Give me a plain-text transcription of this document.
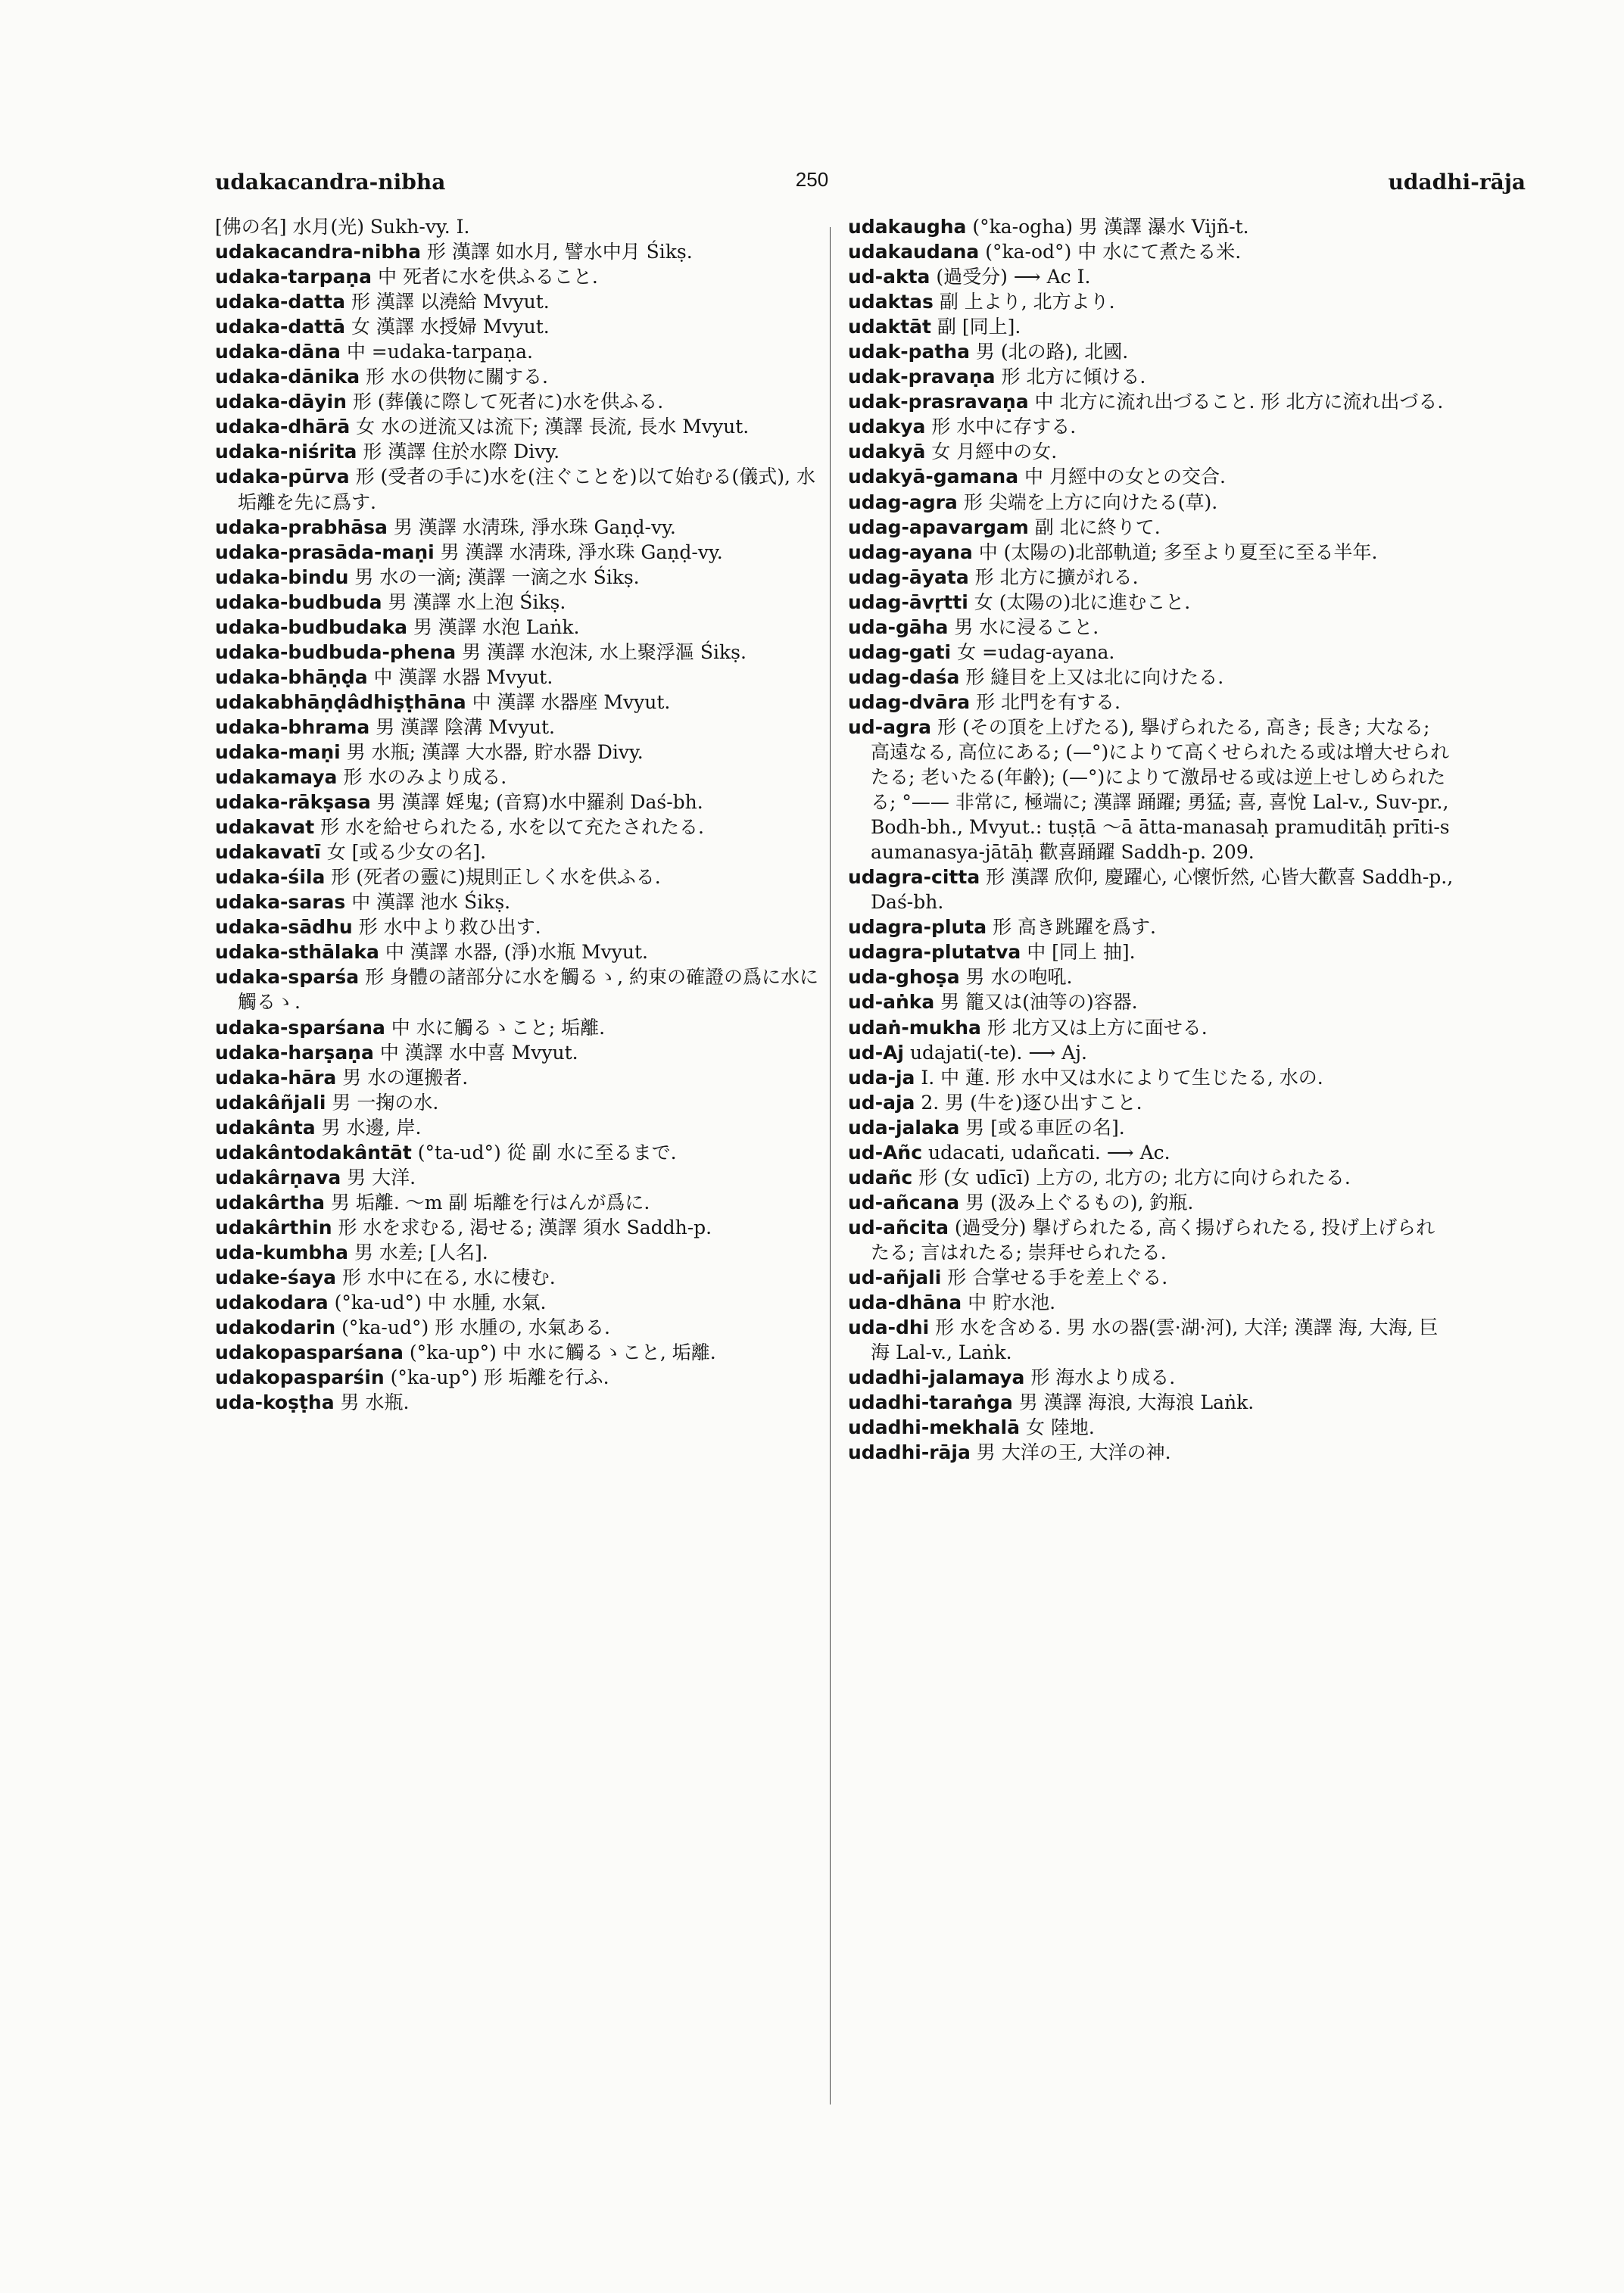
udakacandra-nibha	250	udadhi-rāja
[佛の名] 水月(光) Sukh-vy. I.
udakacandra-nibha 形 漢譯 如水月, 譬水中月 Śikṣ.
udaka-tarpaṇa 中 死者に水を供ふること.
udaka-datta 形 漢譯 以澆給 Mvyut.
udaka-dattā 女 漢譯 水授婦 Mvyut.
udaka-dāna 中 =udaka-tarpaṇa.
udaka-dānika 形 水の供物に關する.
udaka-dāyin 形 (葬儀に際して死者に)水を供ふる.
udaka-dhārā 女 水の迸流又は流下; 漢譯 長流, 長水 Mvyut.
udaka-niśrita 形 漢譯 住於水際 Divy.
udaka-pūrva 形 (受者の手に)水を(注ぐことを)以て始むる(儀式), 水垢離を先に爲す.
udaka-prabhāsa 男 漢譯 水淸珠, 淨水珠 Gaṇḍ-vy.
udaka-prasāda-maṇi 男 漢譯 水淸珠, 淨水珠 Gaṇḍ-vy.
udaka-bindu 男 水の一滴; 漢譯 一滴之水 Śikṣ.
udaka-budbuda 男 漢譯 水上泡 Śikṣ.
udaka-budbudaka 男 漢譯 水泡 Laṅk.
udaka-budbuda-phena 男 漢譯 水泡沫, 水上聚浮漚 Śikṣ.
udaka-bhāṇḍa 中 漢譯 水器 Mvyut.
udakabhāṇḍâdhiṣṭhāna 中 漢譯 水器座 Mvyut.
udaka-bhrama 男 漢譯 陰溝 Mvyut.
udaka-maṇi 男 水瓶; 漢譯 大水器, 貯水器 Divy.
udakamaya 形 水のみより成る.
udaka-rākṣasa 男 漢譯 婬鬼; (音寫)水中羅刹 Daś-bh.
udakavat 形 水を給せられたる, 水を以て充たされたる.
udakavatī 女 [或る少女の名].
udaka-śila 形 (死者の靈に)規則正しく水を供ふる.
udaka-saras 中 漢譯 池水 Śikṣ.
udaka-sādhu 形 水中より救ひ出す.
udaka-sthālaka 中 漢譯 水器, (淨)水瓶 Mvyut.
udaka-sparśa 形 身體の諸部分に水を觸るゝ, 約束の確證の爲に水に觸るゝ.
udaka-sparśana 中 水に觸るゝこと; 垢離.
udaka-harṣaṇa 中 漢譯 水中喜 Mvyut.
udaka-hāra 男 水の運搬者.
udakâñjali 男 一掬の水.
udakânta 男 水邊, 岸.
udakântodakântāt (°ta-ud°) 從 副 水に至るまで.
udakârṇava 男 大洋.
udakârtha 男 垢離. ～m 副 垢離を行はんが爲に.
udakârthin 形 水を求むる, 渇せる; 漢譯 須水 Saddh-p.
uda-kumbha 男 水差; [人名].
udake-śaya 形 水中に在る, 水に棲む.
udakodara (°ka-ud°) 中 水腫, 水氣.
udakodarin (°ka-ud°) 形 水腫の, 水氣ある.
udakopasparśana (°ka-up°) 中 水に觸るゝこと, 垢離.
udakopasparśin (°ka-up°) 形 垢離を行ふ.
uda-koṣṭha 男 水瓶.
udakaugha (°ka-ogha) 男 漢譯 瀑水 Vijñ-t.
udakaudana (°ka-od°) 中 水にて煮たる米.
ud-akta (過受分) ⟶ Ac I.
udaktas 副 上より, 北方より.
udaktāt 副 [同上].
udak-patha 男 (北の路), 北國.
udak-pravaṇa 形 北方に傾ける.
udak-prasravaṇa 中 北方に流れ出づること. 形 北方に流れ出づる.
udakya 形 水中に存する.
udakyā 女 月經中の女.
udakyā-gamana 中 月經中の女との交合.
udag-agra 形 尖端を上方に向けたる(草).
udag-apavargam 副 北に終りて.
udag-ayana 中 (太陽の)北部軌道; 多至より夏至に至る半年.
udag-āyata 形 北方に擴がれる.
udag-āvṛtti 女 (太陽の)北に進むこと.
uda-gāha 男 水に浸ること.
udag-gati 女 =udag-ayana.
udag-daśa 形 縫目を上又は北に向けたる.
udag-dvāra 形 北門を有する.
ud-agra 形 (その頂を上げたる), 擧げられたる, 高き; 長き; 大なる; 高遠なる, 高位にある; (—°)によりて高くせられたる或は增大せられたる; 老いたる(年齢); (—°)によりて激昂せる或は逆上せしめられたる; °—— 非常に, 極端に; 漢譯 踊躍; 勇猛; 喜, 喜悅 Lal-v., Suv-pr., Bodh-bh., Mvyut.: tuṣṭā ～ā ātta-manasaḥ pramuditāḥ prīti-saumanasya-jātāḥ 歡喜踊躍 Saddh-p. 209.
udagra-citta 形 漢譯 欣仰, 慶躍心, 心懷忻然, 心皆大歡喜 Saddh-p., Daś-bh.
udagra-pluta 形 高き跳躍を爲す.
udagra-plutatva 中 [同上 抽].
uda-ghoṣa 男 水の咆吼.
ud-aṅka 男 籠又は(油等の)容器.
udaṅ-mukha 形 北方又は上方に面せる.
ud-Aj udajati(-te). ⟶ Aj.
uda-ja I. 中 蓮. 形 水中又は水によりて生じたる, 水の.
ud-aja 2. 男 (牛を)逐ひ出すこと.
uda-jalaka 男 [或る車匠の名].
ud-Añc udacati, udañcati. ⟶ Ac.
udañc 形 (女 udīcī) 上方の, 北方の; 北方に向けられたる.
ud-añcana 男 (汲み上ぐるもの), 釣瓶.
ud-añcita (過受分) 擧げられたる, 高く揚げられたる, 投げ上げられたる; 言はれたる; 崇拜せられたる.
ud-añjali 形 合掌せる手を差上ぐる.
uda-dhāna 中 貯水池.
uda-dhi 形 水を含める. 男 水の器(雲·湖·河), 大洋; 漢譯 海, 大海, 巨海 Lal-v., Laṅk.
udadhi-jalamaya 形 海水より成る.
udadhi-taraṅga 男 漢譯 海浪, 大海浪 Laṅk.
udadhi-mekhalā 女 陸地.
udadhi-rāja 男 大洋の王, 大洋の神.
